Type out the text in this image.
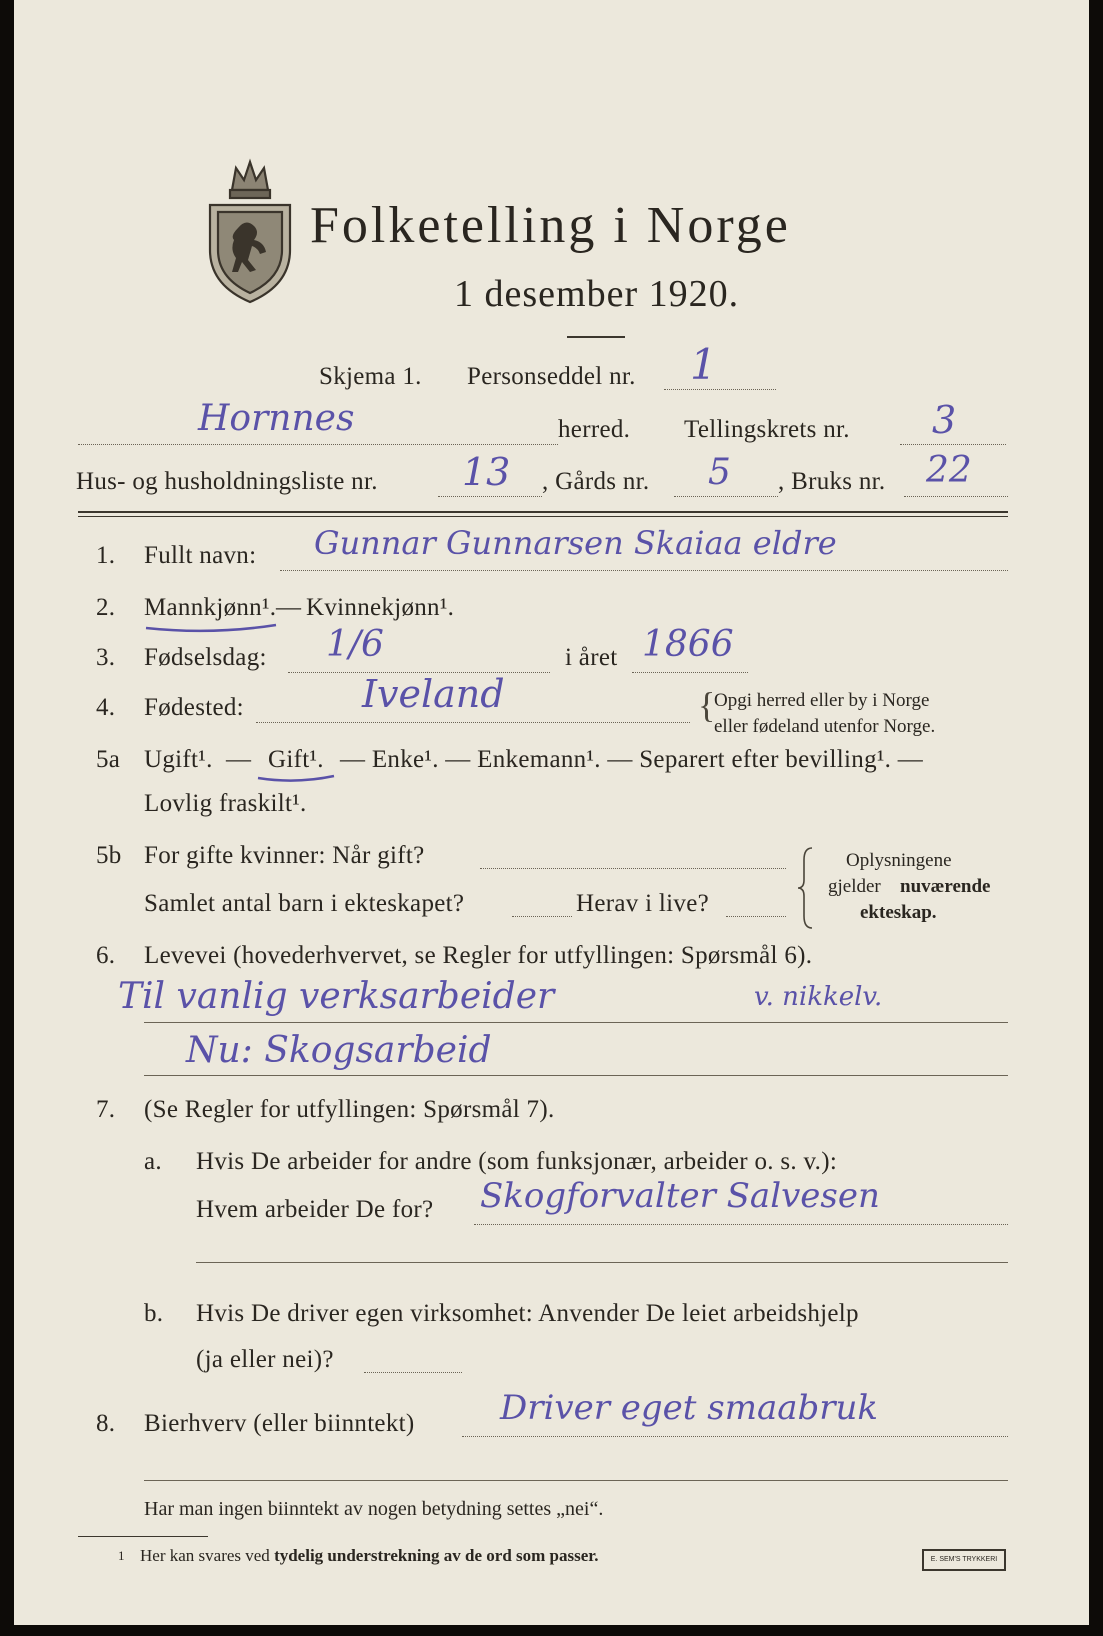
Folketelling i Norge
1 desember 1920.
Skjema 1. Personseddel nr. 1
Hornnes	herred. Tellingskrets nr. 3
Hus- og husholdningsliste nr. 13 , Gårds nr. 5 , Bruks nr. 22
1. Fullt navn: Gunnar Gunnarsen Skaiaa eldre
2. Mannkjønn¹. — Kvinnekjønn¹.
3. Fødselsdag: 1/6	i året 1866
4. Fødested:	Iveland	{
Opgi herred eller by i Norge
eller fødeland utenfor Norge.
5a Ugift¹. — Gift¹. — Enke¹. — Enkemann¹. — Separert efter bevilling¹. —
Lovlig fraskilt¹.
5b For gifte kvinner: Når gift?
Samlet antal barn i ekteskapet?	Herav i live?
Oplysningene
gjelder nuværende
ekteskap.
6. Levevei (hovederhvervet, se Regler for utfyllingen: Spørsmål 6).
Til vanlig verksarbeider	v. nikkelv.
Nu: Skogsarbeid
7. (Se Regler for utfyllingen: Spørsmål 7).
a. Hvis De arbeider for andre (som funksjonær, arbeider o. s. v.):
Hvem arbeider De for? Skogforvalter Salvesen
b. Hvis De driver egen virksomhet: Anvender De leiet arbeidshjelp
(ja eller nei)?
8. Bierhverv (eller biinntekt)	Driver eget smaabruk
Har man ingen biinntekt av nogen betydning settes „nei“.
1 Her kan svares ved tydelig understrekning av de ord som passer.	E. SEM'S TRYKKERI
